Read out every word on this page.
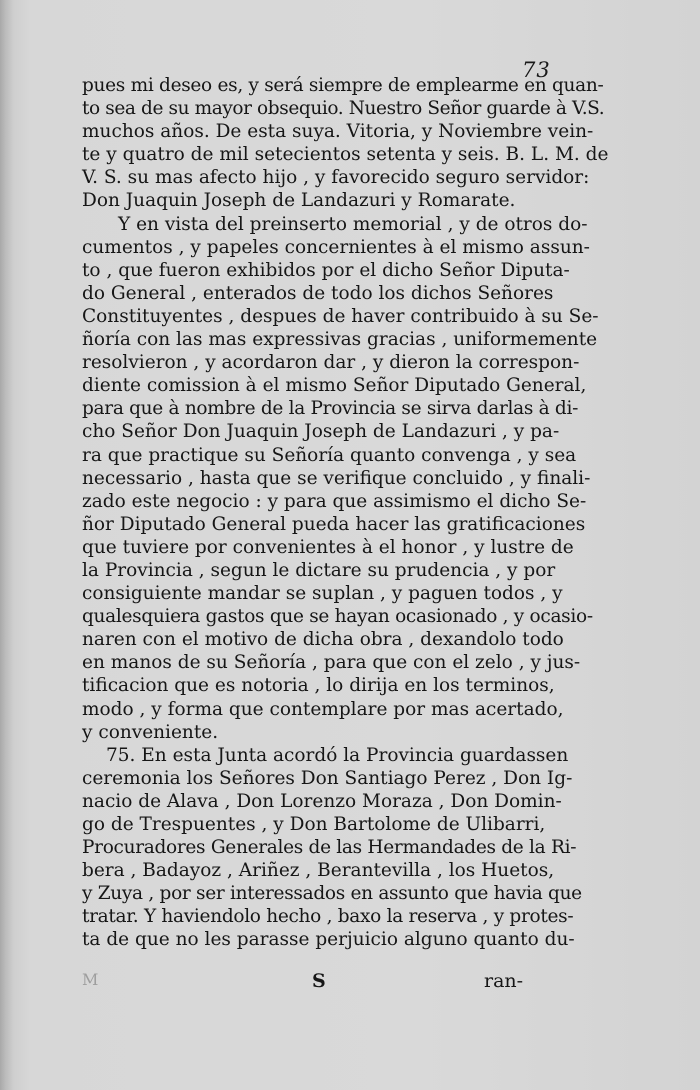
73
pues mi deseo es, y será siempre de emplearme en quan-
to sea de su mayor obsequio. Nuestro Señor guarde à V.S.
muchos años. De esta suya. Vitoria, y Noviembre vein-
te y quatro de mil setecientos setenta y seis. B. L. M. de
V. S. su mas afecto hijo , y favorecido seguro servidor:
Don Juaquin Joseph de Landazuri y Romarate.
Y en vista del preinserto memorial , y de otros do-
cumentos , y papeles concernientes à el mismo assun-
to , que fueron exhibidos por el dicho Señor Diputa-
do General , enterados de todo los dichos Señores
Constituyentes , despues de haver contribuido à su Se-
ñoría con las mas expressivas gracias , uniformemente
resolvieron , y acordaron dar , y dieron la correspon-
diente comission à el mismo Señor Diputado General,
para que à nombre de la Provincia se sirva darlas à di-
cho Señor Don Juaquin Joseph de Landazuri , y pa-
ra que practique su Señoría quanto convenga , y sea
necessario , hasta que se verifique concluido , y finali-
zado este negocio : y para que assimismo el dicho Se-
ñor Diputado General pueda hacer las gratificaciones
que tuviere por convenientes à el honor , y lustre de
la Provincia , segun le dictare su prudencia , y por
consiguiente mandar se suplan , y paguen todos , y
qualesquiera gastos que se hayan ocasionado , y ocasio-
naren con el motivo de dicha obra , dexandolo todo
en manos de su Señoría , para que con el zelo , y jus-
tificacion que es notoria , lo dirija en los terminos,
modo , y forma que contemplare por mas acertado,
y conveniente.
75. En esta Junta acordó la Provincia guardassen
ceremonia los Señores Don Santiago Perez , Don Ig-
nacio de Alava , Don Lorenzo Moraza , Don Domin-
go de Trespuentes , y Don Bartolome de Ulibarri,
Procuradores Generales de las Hermandades de la Ri-
bera , Badayoz , Ariñez , Berantevilla , los Huetos,
y Zuya , por ser interessados en assunto que havia que
tratar. Y haviendolo hecho , baxo la reserva , y protes-
ta de que no les parasse perjuicio alguno quanto du-
M	S	ran-
